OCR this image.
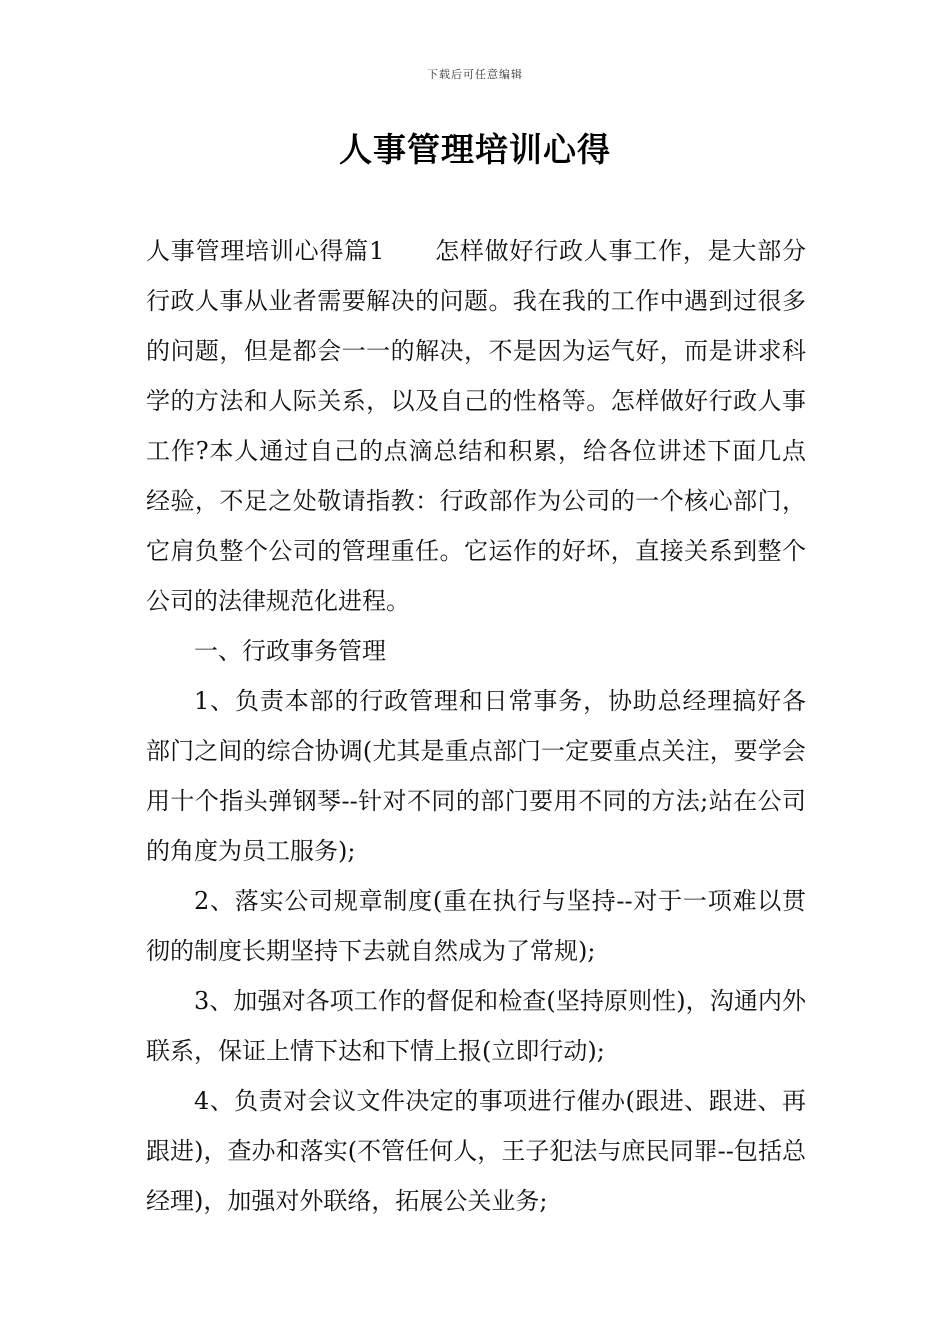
下载后可任意编辑
人事管理培训心得

人事管理培训心得篇1 怎样做好行政人事工作，是大部分行政人事从业者需要解决的问题。我在我的工作中遇到过很多的问题，但是都会一一的解决，不是因为运气好，而是讲求科学的方法和人际关系，以及自己的性格等。怎样做好行政人事工作?本人通过自己的点滴总结和积累，给各位讲述下面几点经验，不足之处敬请指教：行政部作为公司的一个核心部门，它肩负整个公司的管理重任。它运作的好坏，直接关系到整个公司的法律规范化进程。

一、行政事务管理

1、负责本部的行政管理和日常事务，协助总经理搞好各部门之间的综合协调(尤其是重点部门一定要重点关注，要学会用十个指头弹钢琴--针对不同的部门要用不同的方法;站在公司的角度为员工服务);

2、落实公司规章制度(重在执行与坚持--对于一项难以贯彻的制度长期坚持下去就自然成为了常规);

3、加强对各项工作的督促和检查(坚持原则性)，沟通内外联系，保证上情下达和下情上报(立即行动);

4、负责对会议文件决定的事项进行催办(跟进、跟进、再跟进)，查办和落实(不管任何人，王子犯法与庶民同罪--包括总经理)，加强对外联络，拓展公关业务;
